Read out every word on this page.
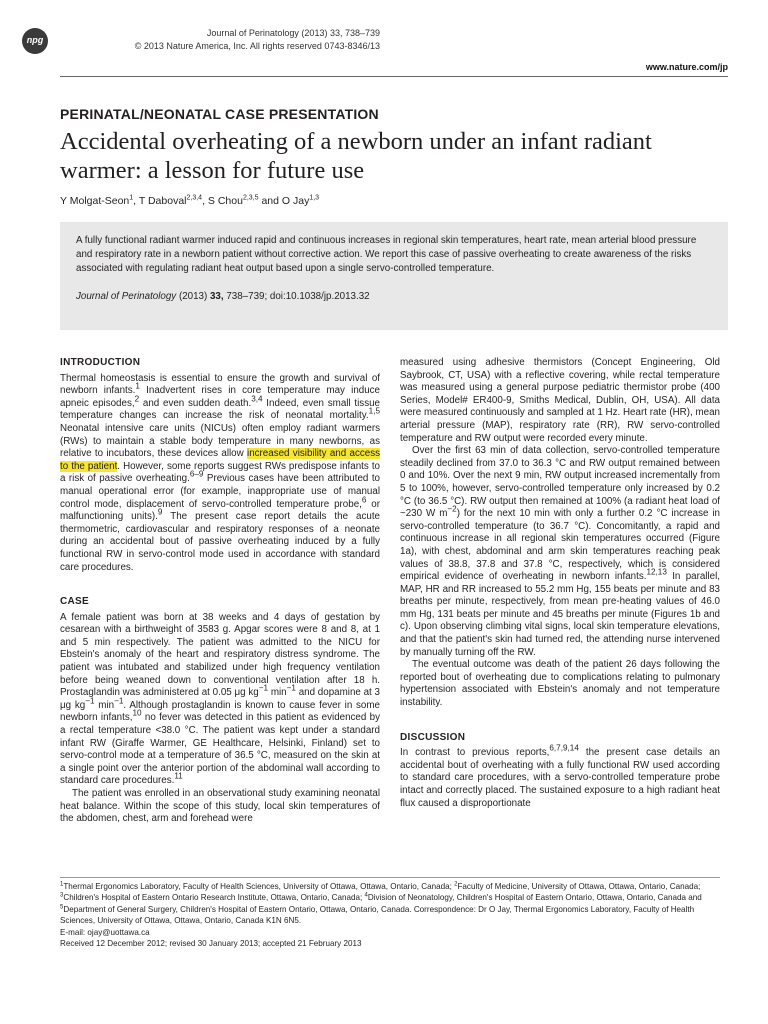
npg
Journal of Perinatology (2013) 33, 738–739
© 2013 Nature America, Inc. All rights reserved 0743-8346/13
www.nature.com/jp
PERINATAL/NEONATAL CASE PRESENTATION
Accidental overheating of a newborn under an infant radiant warmer: a lesson for future use
Y Molgat-Seon$^1$, T Daboval$^{2,3,4}$, S Chou$^{2,3,5}$ and O Jay$^{1,3}$

A fully functional radiant warmer induced rapid and continuous increases in regional skin temperatures, heart rate, mean arterial blood pressure and respiratory rate in a newborn patient without corrective action. We report this case of passive overheating to create awareness of the risks associated with regulating radiant heat output based upon a single servo-controlled temperature.

Journal of Perinatology (2013) 33, 738–739; doi:10.1038/jp.2013.32

INTRODUCTION

Thermal homeostasis is essential to ensure the growth and survival of newborn infants.$^1$ Inadvertent rises in core temperature may induce apneic episodes,$^2$ and even sudden death.$^{3,4}$ Indeed, even small tissue temperature changes can increase the risk of neonatal mortality.$^{1,5}$ Neonatal intensive care units (NICUs) often employ radiant warmers (RWs) to maintain a stable body temperature in many newborns, as relative to incubators, these devices allow increased visibility and access to the patient. However, some reports suggest RWs predispose infants to a risk of passive overheating.$^{6-9}$ Previous cases have been attributed to manual operational error (for example, inappropriate use of manual control mode, displacement of servo-controlled temperature probe,$^6$ or malfunctioning units).$^9$ The present case report details the acute thermometric, cardiovascular and respiratory responses of a neonate during an accidental bout of passive overheating induced by a fully functional RW in servo-control mode used in accordance with standard care procedures.

CASE

A female patient was born at 38 weeks and 4 days of gestation by cesarean with a birthweight of 3583 g. Apgar scores were 8 and 8, at 1 and 5 min respectively. The patient was admitted to the NICU for Ebstein's anomaly of the heart and respiratory distress syndrome. The patient was intubated and stabilized under high frequency ventilation before being weaned down to conventional ventilation after 18 h. Prostaglandin was administered at 0.05 μg $kg^{-1}$ $\min^{-1}$ and dopamine at 3 μg $kg^{-1}$ $\min^{-1}$. Although prostaglandin is known to cause fever in some newborn infants,$^{10}$ no fever was detected in this patient as evidenced by a rectal temperature <38.0 °C. The patient was kept under a standard infant RW (Giraffe Warmer, GE Healthcare, Helsinki, Finland) set to servo-control mode at a temperature of 36.5 °C, measured on the skin at a single point over the anterior portion of the abdominal wall according to standard care procedures.$^{11}$

The patient was enrolled in an observational study examining neonatal heat balance. Within the scope of this study, local skin temperatures of the abdomen, chest, arm and forehead were

measured using adhesive thermistors (Concept Engineering, Old Saybrook, CT, USA) with a reflective covering, while rectal temperature was measured using a general purpose pediatric thermistor probe (400 Series, Model# ER400-9, Smiths Medical, Dublin, OH, USA). All data were measured continuously and sampled at 1 Hz. Heart rate (HR), mean arterial pressure (MAP), respiratory rate (RR), RW servo-controlled temperature and RW output were recorded every minute.

Over the first 63 min of data collection, servo-controlled temperature steadily declined from 37.0 to 36.3 °C and RW output remained between 0 and 10%. Over the next 9 min, RW output increased incrementally from 5 to 100%, however, servo-controlled temperature only increased by 0.2 °C (to 36.5 °C). RW output then remained at 100% (a radiant heat load of ~230 W $m^{-2}$) for the next 10 min with only a further 0.2 °C increase in servo-controlled temperature (to 36.7 °C). Concomitantly, a rapid and continuous increase in all regional skin temperatures occurred (Figure 1a), with chest, abdominal and arm skin temperatures reaching peak values of 38.8, 37.8 and 37.8 °C, respectively, which is considered empirical evidence of overheating in newborn infants.$^{12,13}$ In parallel, MAP, HR and RR increased to 55.2 mm Hg, 155 beats per minute and 83 breaths per minute, respectively, from mean pre-heating values of 46.0 mm Hg, 131 beats per minute and 45 breaths per minute (Figures 1b and c). Upon observing climbing vital signs, local skin temperature elevations, and that the patient's skin had turned red, the attending nurse intervened by manually turning off the RW.

The eventual outcome was death of the patient 26 days following the reported bout of overheating due to complications relating to pulmonary hypertension associated with Ebstein's anomaly and not temperature instability.

DISCUSSION

In contrast to previous reports,$^{6,7,9,14}$ the present case details an accidental bout of overheating with a fully functional RW used according to standard care procedures, with a servo-controlled temperature probe intact and correctly placed. The sustained exposure to a high radiant heat flux caused a disproportionate

$^1$Thermal Ergonomics Laboratory, Faculty of Health Sciences, University of Ottawa, Ottawa, Ontario, Canada; $^2$Faculty of Medicine, University of Ottawa, Ottawa, Ontario, Canada;
$^3$Children's Hospital of Eastern Ontario Research Institute, Ottawa, Ontario, Canada; $^4$Division of Neonatology, Children's Hospital of Eastern Ontario, Ottawa, Ontario, Canada and
$^5$Department of General Surgery, Children's Hospital of Eastern Ontario, Ottawa, Ontario, Canada. Correspondence: Dr O Jay, Thermal Ergonomics Laboratory, Faculty of Health Sciences, University of Ottawa, Ottawa, Ontario, Canada K1N 6N5.
E-mail: ojay@uottawa.ca
Received 12 December 2012; revised 30 January 2013; accepted 21 February 2013
